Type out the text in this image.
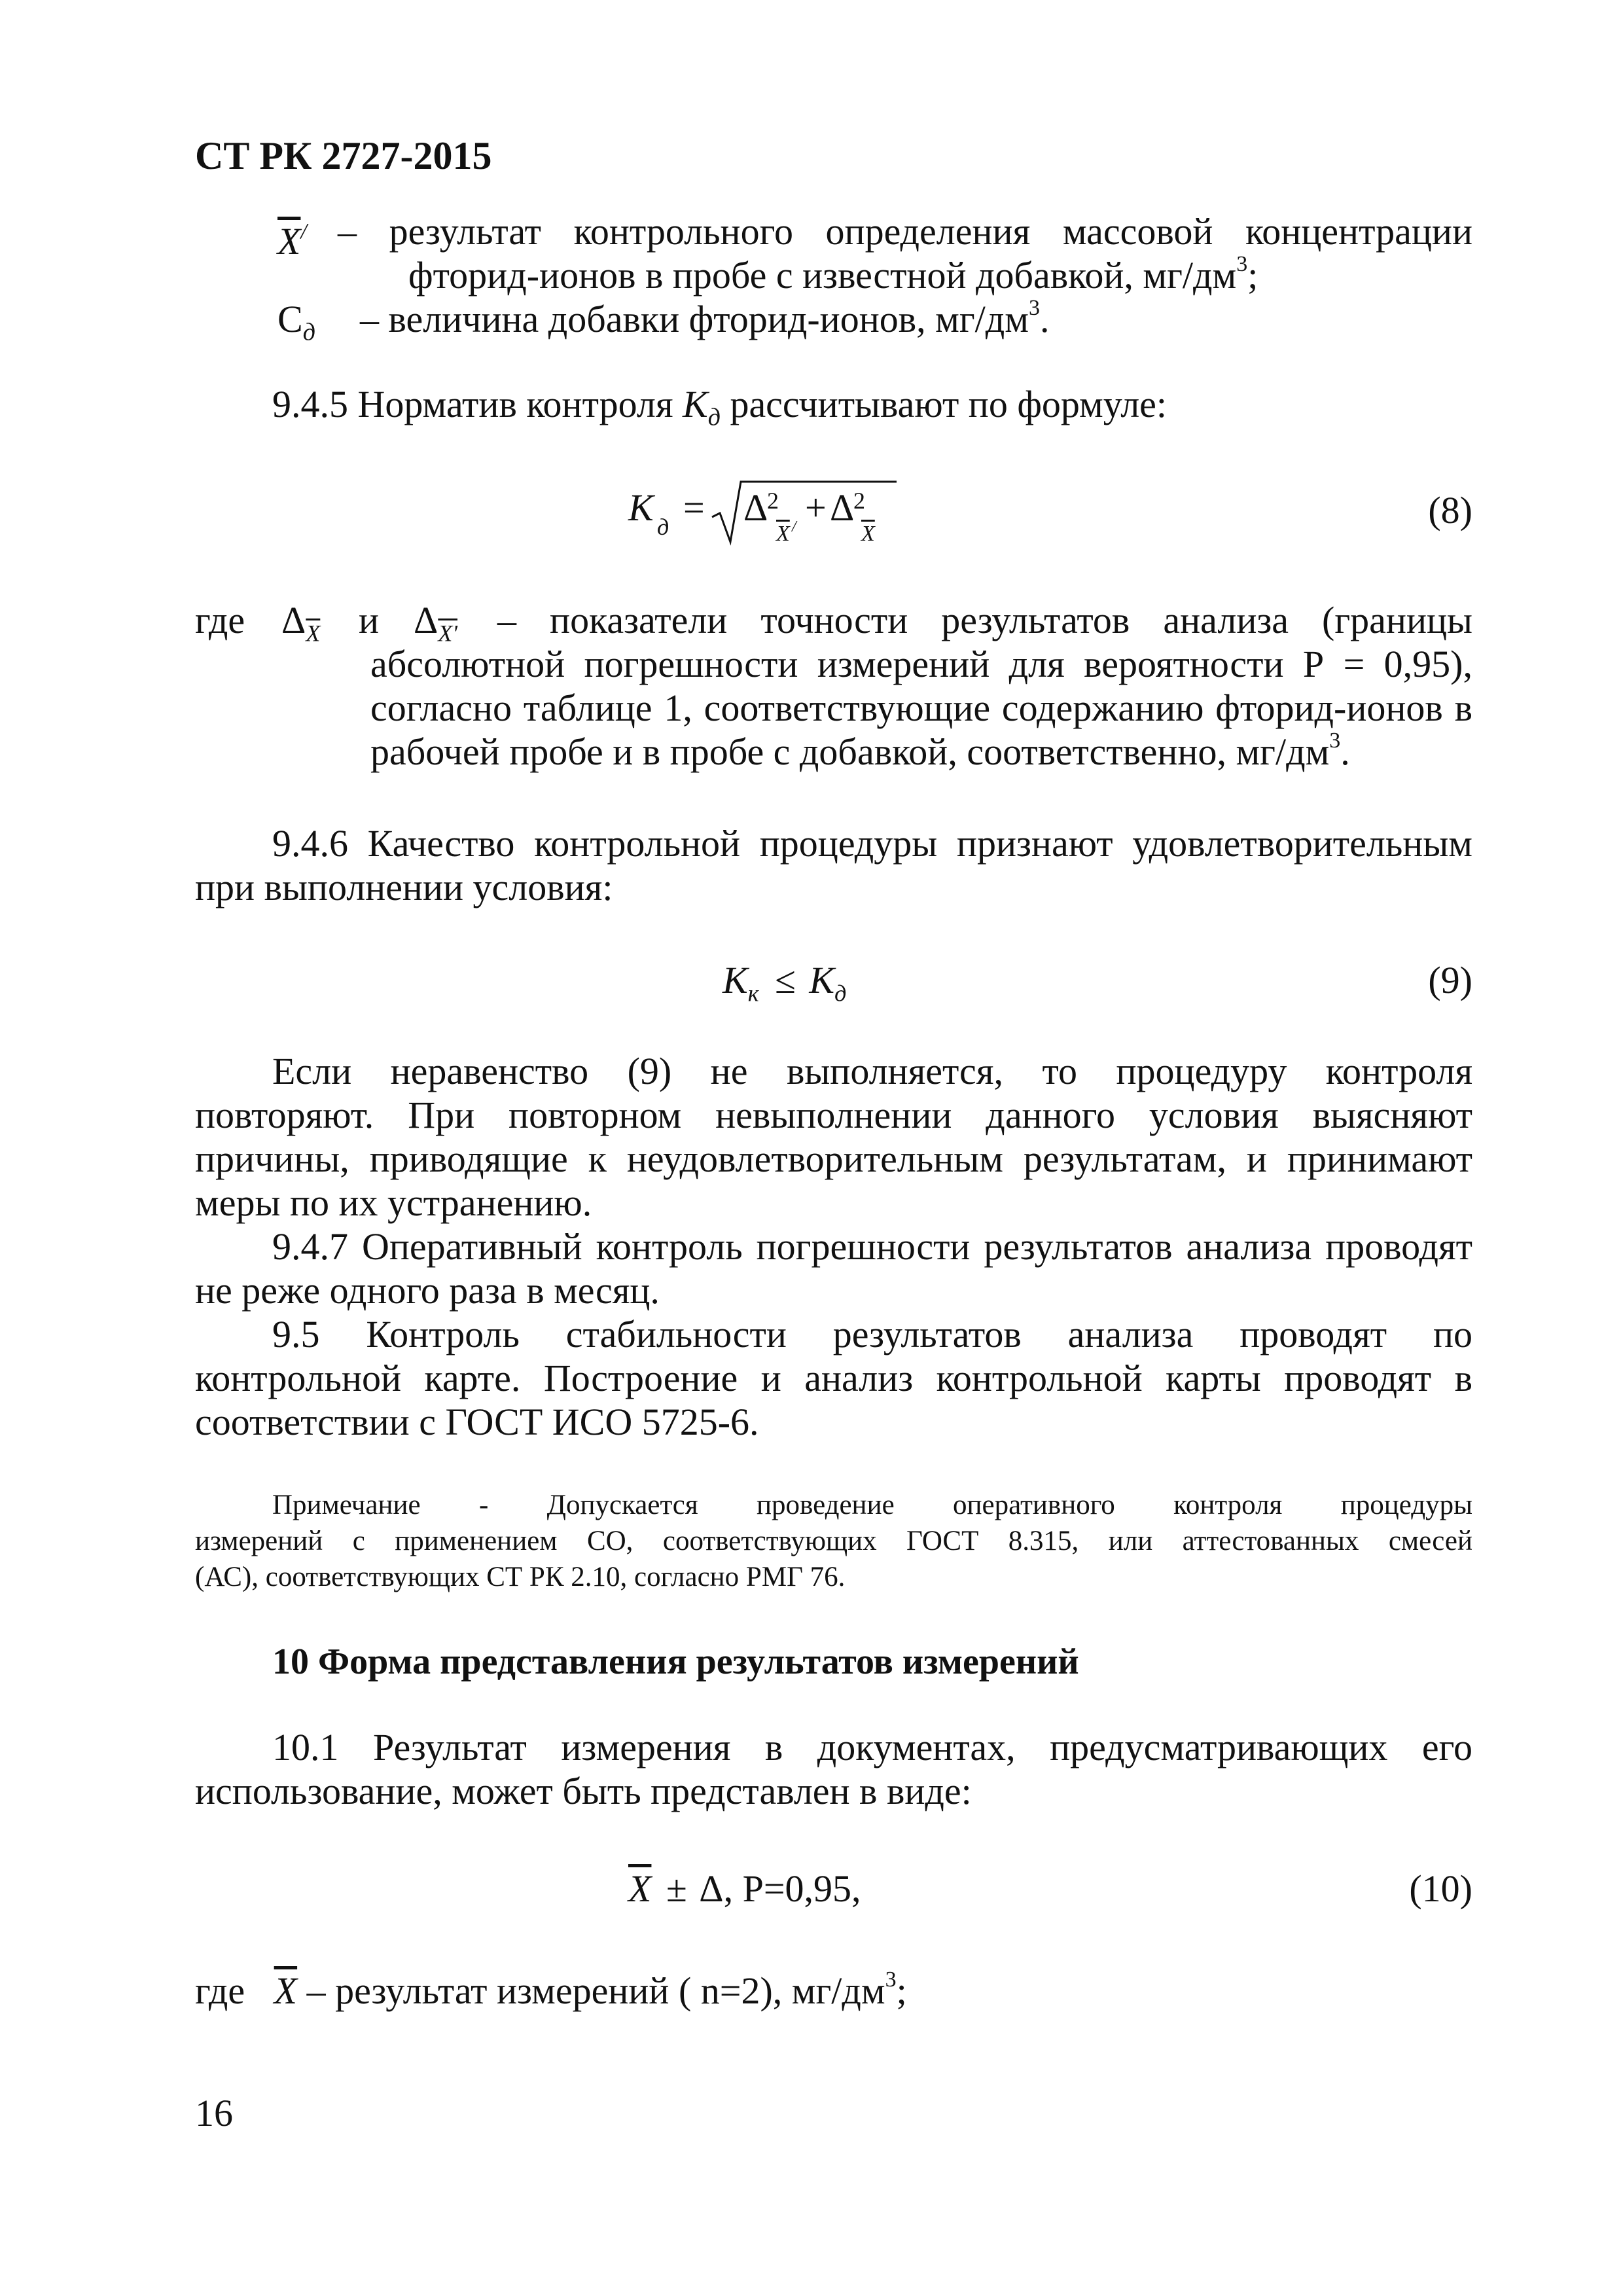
СТ РК 2727-2015
$\overline{X}^/$ – результат контрольного определения массовой концентрации
фторид-ионов в пробе с известной добавкой, $мг/дм^3$;
$С_д$ – величина добавки фторид-ионов, $мг/дм^3$.
9.4.5 Норматив контроля $K_д$ рассчитывают по формуле:
K д = Δ
2
$\overline{X}$ / + Δ
2
$\overline{X}$
(8)
где $\Delta_{\overline{X}}$ и $\Delta_{X'}$ – показатели точности результатов анализа (границы
абсолютной погрешности измерений для вероятности Р = 0,95),
согласно таблице 1, соответствующие содержанию фторид-ионов в
рабочей пробе и в пробе с добавкой, соответственно, $мг/дм^3$.
9.4.6 Качество контрольной процедуры признают удовлетворительным
при выполнении условия:
$K_к \le K_д$	(9)
Если неравенство (9) не выполняется, то процедуру контроля
повторяют. При повторном невыполнении данного условия выясняют
причины, приводящие к неудовлетворительным результатам, и принимают
меры по их устранению.
9.4.7 Оперативный контроль погрешности результатов анализа проводят
не реже одного раза в месяц.
9.5 Контроль стабильности результатов анализа проводят по
контрольной карте. Построение и анализ контрольной карты проводят в
соответствии с ГОСТ ИСО 5725-6.
Примечание - Допускается проведение оперативного контроля процедуры
измерений с применением СО, соответствующих ГОСТ 8.315, или аттестованных смесей
(АС), соответствующих СТ РК 2.10, согласно РМГ 76.
10 Форма представления результатов измерений
10.1 Результат измерения в документах, предусматривающих его
использование, может быть представлен в виде:
$\overline{X} \pm \Delta$, Р=0,95,	(10)
где $\overline{X}$ – результат измерений ( n=2), $мг/дм^3$;
16
